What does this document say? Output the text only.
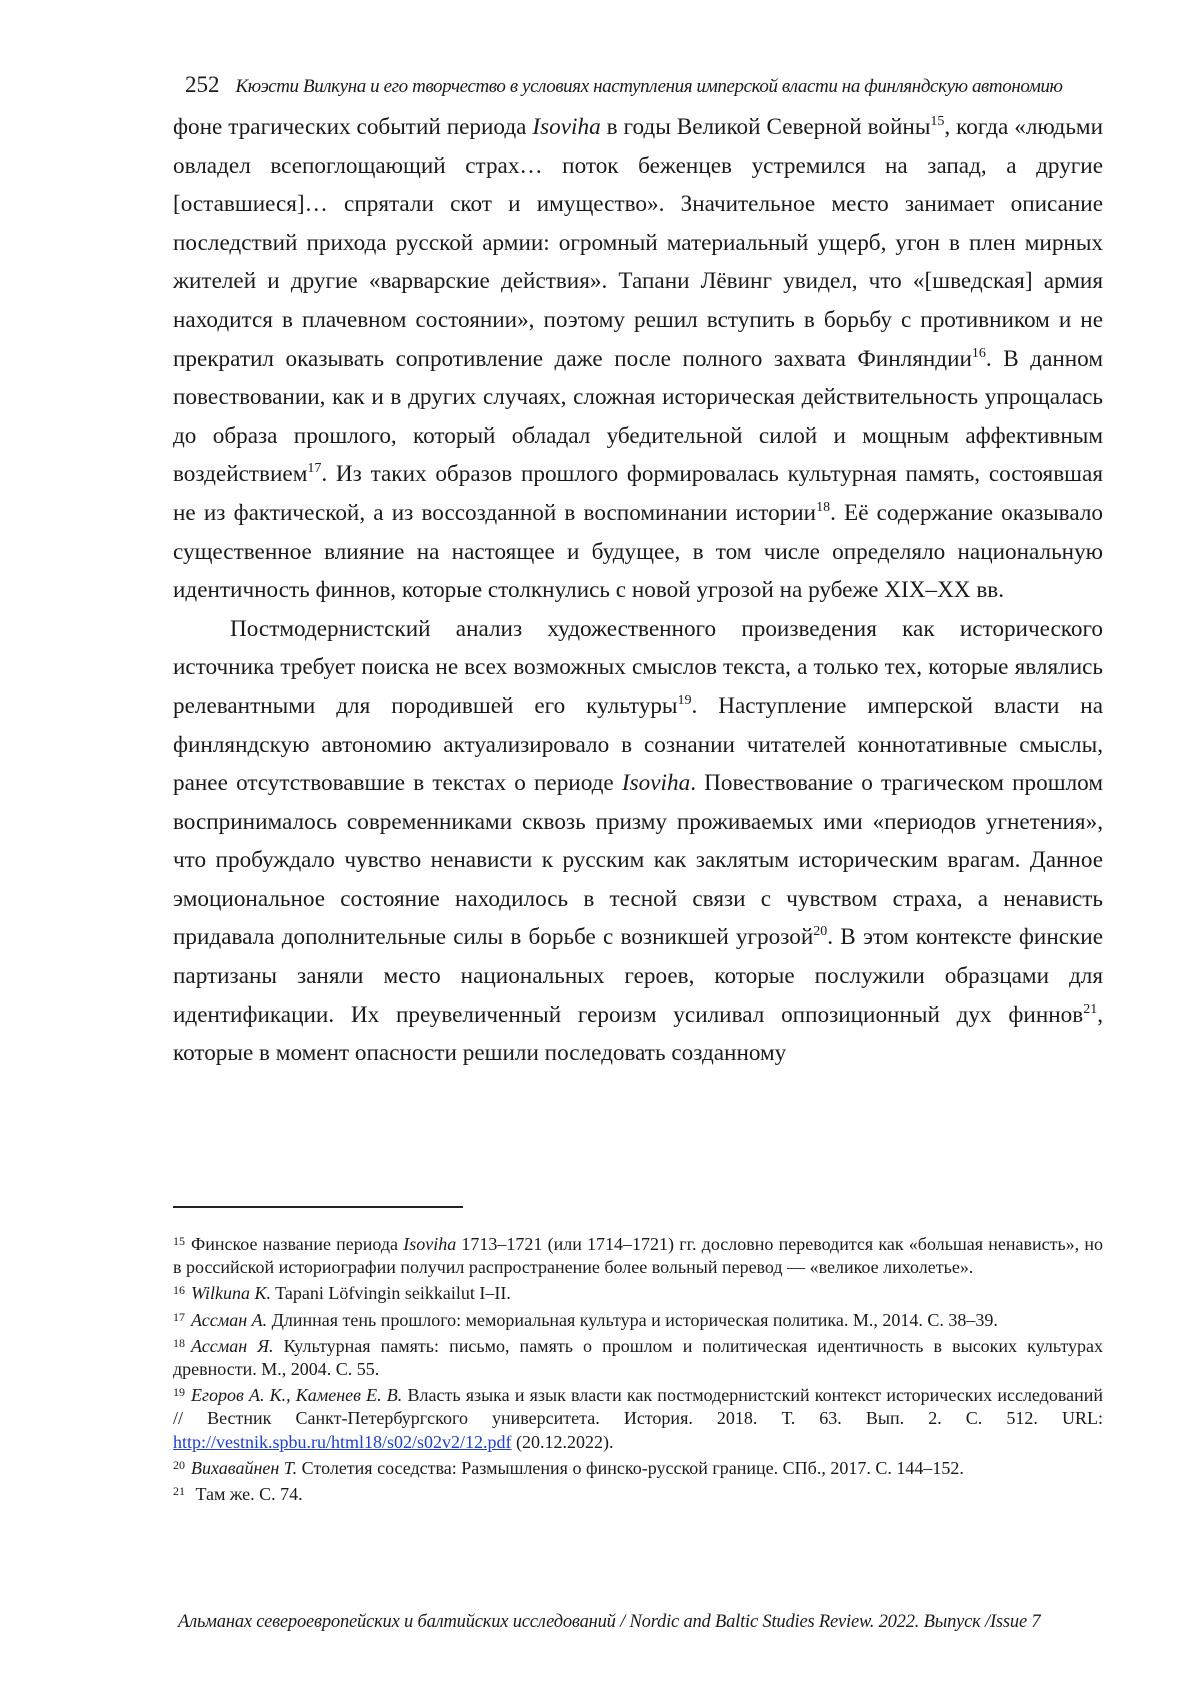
252 Кюэсти Вилкуна и его творчество в условиях наступления имперской власти на финляндскую автономию

фоне трагических событий периода Isoviha в годы Великой Северной войны15, когда «людьми овладел всепоглощающий страх… поток беженцев устремился на запад, а другие [оставшиеся]… спрятали скот и имущество». Значительное место занимает описание последствий прихода русской армии: огромный материальный ущерб, угон в плен мирных жителей и другие «варварские действия». Тапани Лёвинг увидел, что «[шведская] армия находится в плачевном состоянии», поэтому решил вступить в борьбу с противником и не прекратил оказывать сопротивление даже после полного захвата Финляндии16. В данном повествовании, как и в других случаях, сложная историческая действительность упрощалась до образа прошлого, который обладал убедительной силой и мощным аффективным воздействием17. Из таких образов прошлого формировалась культурная память, состоявшая не из фактической, а из воссозданной в воспоминании истории18. Её содержание оказывало существенное влияние на настоящее и будущее, в том числе определяло национальную идентичность финнов, которые столкнулись с новой угрозой на рубеже XIX–XX вв.

Постмодернистский анализ художественного произведения как исторического источника требует поиска не всех возможных смыслов текста, а только тех, которые являлись релевантными для породившей его культуры19. Наступление имперской власти на финляндскую автономию актуализировало в сознании читателей коннотативные смыслы, ранее отсутствовавшие в текстах о периоде Isoviha. Повествование о трагическом прошлом воспринималось современниками сквозь призму проживаемых ими «периодов угнетения», что пробуждало чувство ненависти к русским как заклятым историческим врагам. Данное эмоциональное состояние находилось в тесной связи с чувством страха, а ненависть придавала дополнительные силы в борьбе с возникшей угрозой20. В этом контексте финские партизаны заняли место национальных героев, которые послужили образцами для идентификации. Их преувеличенный героизм усиливал оппозиционный дух финнов21, которые в момент опасности решили последовать созданному

15 Финское название периода Isoviha 1713–1721 (или 1714–1721) гг. дословно переводится как «большая ненависть», но в российской историографии получил распространение более вольный перевод — «великое лихолетье».

16 Wilkuna K. Tapani Löfvingin seikkailut I–II.

17 Ассман А. Длинная тень прошлого: мемориальная культура и историческая политика. М., 2014. С. 38–39.

18 Ассман Я. Культурная память: письмо, память о прошлом и политическая идентичность в высоких культурах древности. М., 2004. С. 55.

19 Егоров А. К., Каменев Е. В. Власть языка и язык власти как постмодернистский контекст исторических исследований // Вестник Санкт-Петербургского университета. История. 2018. Т. 63. Вып. 2. С. 512. URL: http://vestnik.spbu.ru/html18/s02/s02v2/12.pdf (20.12.2022).

20 Вихавайнен Т. Столетия соседства: Размышления о финско-русской границе. СПб., 2017. С. 144–152.

21 Там же. С. 74.

Альманах североевропейских и балтийских исследований / Nordic and Baltic Studies Review. 2022. Выпуск /Issue 7
